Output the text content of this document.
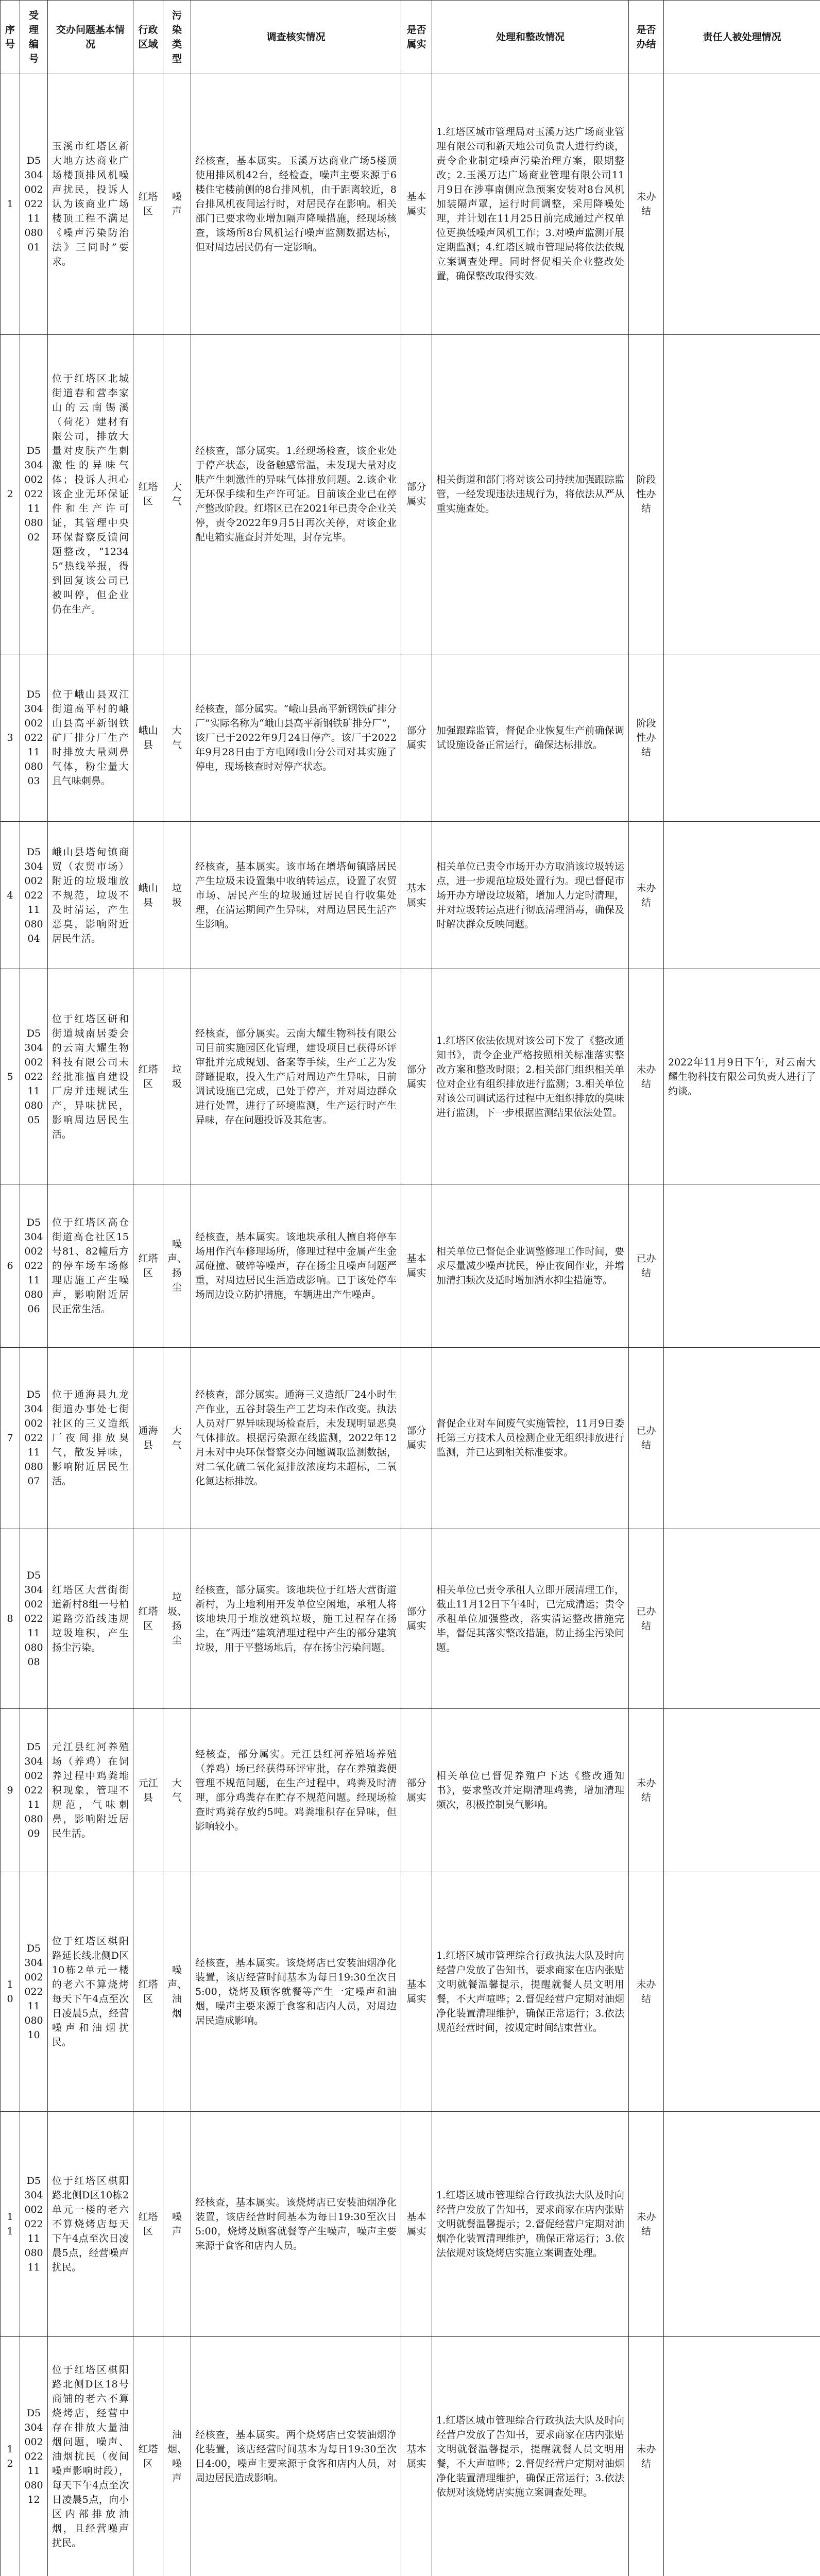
序号	受理编号	交办问题基本情况	行政区域	污染类型	调查核实情况	是否属实	处理和整改情况	是否办结	责任人被处理情况
1	D530400202211 08001	玉溪市红塔区新大地方达商业广场楼顶排风机噪声扰民，投诉人认为该商业广场楼顶工程不满足《噪声污染防治法》三同时”要求。	红塔区	噪声	经核查，基本属实。玉溪万达商业广场5楼顶使用排风机42台，经检查，噪声主要来源于6楼住宅楼前侧的8台排风机，由于距离较近，8台排风机夜间运行时，对居民存在影响。相关部门已要求物业增加隔声降噪措施，经现场核查，该场所8台风机运行噪声监测数据达标，但对周边居民仍有一定影响。	基本属实	1.红塔区城市管理局对玉溪万达广场商业管理有限公司和新天地公司负责人进行约谈，责令企业制定噪声污染治理方案，限期整改；2.玉溪万达广场商业管理有限公司11月9日在涉事南侧应急预案安装对8台风机加装隔声罩，运行时间调整，采用降噪处理，并计划在11月25日前完成通过产权单位更换低噪声风机工作；3.对噪声监测开展定期监测；4.红塔区城市管理局将依法依规立案调查处理。同时督促相关企业整改处置，确保整改取得实效。	未办结	
2	D530400202211 08002	位于红塔区北城街道春和营李家山的云南锡溪（荷花）建材有限公司，排放大量对皮肤产生刺激性的异味气体；投诉人担心该企业无环保证件和生产许可证，其管理中央环保督察反馈问题整改，“12345”热线举报，得到回复该公司已被叫停，但企业仍在生产。	红塔区	大气	经核查，部分属实。1.经现场检查，该企业处于停产状态，设备触感常温，未发现大量对皮肤产生刺激性的异味气体排放问题。2.该企业无环保手续和生产许可证。目前该企业已在停产整改阶段。红塔区已在2021年已责令企业关停，责令2022年9月5日再次关停，对该企业配电箱实施查封并处理，封存完毕。	部分属实	相关街道和部门将对该公司持续加强跟踪监管，一经发现违法违规行为，将依法从严从重实施查处。	阶段性办结	
3	D530400202211 08003	位于峨山县双江街道高平村的峨山县高平新钢铁矿厂排分厂生产时排放大量刺鼻气体，粉尘量大且气味刺鼻。	峨山县	大气	经核查，部分属实。“峨山县高平新钢铁矿排分厂”实际名称为“峨山县高平新钢铁矿排分厂”，该厂已于2022年9月24日停产。该厂于2022年9月28日由于方电网峨山分公司对其实施了停电，现场核查时对停产状态。	部分属实	加强跟踪监管，督促企业恢复生产前确保调试设施设备正常运行，确保达标排放。	阶段性办结	
4	D530400202211 08004	峨山县塔甸镇商贸（农贸市场）附近的垃圾堆放不规范，垃圾不及时清运，产生恶臭，影响附近居民生活。	峨山县	垃圾	经核查，基本属实。该市场在增塔甸镇路居民产生垃圾未设置集中收纳转运点，设置了农贸市场、居民产生的垃圾通过居民自行收集处理，在清运期间产生异味，对周边居民生活产生影响。	基本属实	相关单位已责令市场开办方取消该垃圾转运点，进一步规范垃圾处置行为。现已督促市场开办方增设垃圾箱，增加人力定时清理，并对垃圾转运点进行彻底清理消毒，确保及时解决群众反映问题。	未办结	
5	D530400202211 08005	位于红塔区研和街道城南居委会的云南大耀生物科技有限公司未经批准擅自建设厂房并违规试生产，异味扰民，影响周边居民生活。	红塔区	垃圾	经核查，部分属实。云南大耀生物科技有限公司目前实施园区化管理，建设项目已获得环评审批并完成规划、备案等手续，生产工艺为发酵罐提取，投入生产后对周边产生异味，目前调试设施已完成，已处于停产，并对周边群众进行处置，进行了环境监测，生产运行时产生异味，存在问题投诉及其危害。	部分属实	1.红塔区依法依规对该公司下发了《整改通知书》，责令企业严格按照相关标准落实整改方案和整改时限；2.相关部门组织相关单位对企业有组织排放进行监测；3.相关单位对该公司调试运行过程中无组织排放的臭味进行监测，下一步根据监测结果依法处置。	未办结	2022年11月9日下午，对云南大耀生物科技有限公司负责人进行了约谈。
6	D530400202211 08006	位于红塔区高仓街道高仓社区15号81、82幢后方的停车场车场修理店施工产生噪声，影响附近居民正常生活。	红塔区	噪声、扬尘	经核查，基本属实。该地块承租人擅自将停车场用作汽车修理场所，修理过程中金属产生金属碰撞、破碎等噪声，存在扬尘且噪声问题严重，对周边居民生活造成影响。已于该处停车场周边设立防护措施，车辆进出产生噪声。	基本属实	相关单位已督促企业调整修理工作时间，要求尽量减少噪声扰民，停止夜间作业，并增加清扫频次及适时增加洒水抑尘措施等。	已办结	
7	D530400202211 08007	位于通海县九龙街道办事处七街社区的三义造纸厂夜间排放臭气，散发异味，影响附近居民生活。	通海县	大气	经核查，部分属实。通海三义造纸厂24小时生产作业，五谷封袋生产工艺均未作改变。执法人员对厂界异味现场检查后，未发现明显恶臭气体排放。根据污染源在线监测，2022年12月未对中央环保督察交办问题调取监测数据，对二氧化硫二氧化氮排放浓度均未超标，二氧化氮达标排放。	部分属实	督促企业对车间废气实施管控，11月9日委托第三方技术人员检测企业无组织排放进行监测，并已达到相关标准要求。	已办结	
8	D530400202211 08008	红塔区大营街街道新村8组一号柏道路旁沿线违规垃圾堆积，产生扬尘污染。	红塔区	垃圾、扬尘	经核查，部分属实。该地块位于红塔大营街道新村，为土地利用开发单位空闲地，承租人将该地块用于堆放建筑垃圾，施工过程存在扬尘，在“两违”建筑清理过程中产生的部分建筑垃圾，用于平整场地后，存在扬尘污染问题。	部分属实	相关单位已责令承租人立即开展清理工作，截止11月12日下午4时，已完成清运；责令承租单位加强整改，落实清运整改措施完毕，督促其落实整改措施，防止扬尘污染问题。	已办结	
9	D530400202211 08009	元江县红河养殖场（养鸡）在饲养过程中鸡粪堆积现象，管理不规范，气味刺鼻，影响附近居民生活。	元江县	大气	经核查，部分属实。元江县红河养殖场养殖（养鸡）场已经获得环评审批，存在养殖粪便管理不规范问题，在生产过程中，鸡粪及时清理，部分鸡粪存在贮存不规范问题。经现场检查时鸡粪存放约5吨。鸡粪堆积存在异味，但影响较小。	部分属实	相关单位已督促养殖户下达《整改通知书》，要求整改并定期清理鸡粪，增加清理频次，积极控制臭气影响。	未办结	
10	D530400202211 08010	位于红塔区棋阳路延长线北侧D区10栋2单元一楼的老六不算烧烤每天下午4点至次日凌晨5点，经营噪声和油烟扰民。	红塔区	噪声、油烟	经核查，基本属实。该烧烤店已安装油烟净化装置，该店经营时间基本为每日19:30至次日5:00，烧烤及顾客就餐等产生一定噪声和油烟，噪声主要来源于食客和店内人员，对周边居民造成影响。	基本属实	1.红塔区城市管理综合行政执法大队及时向经营户发放了告知书，要求商家在店内张贴文明就餐温馨提示，提醒就餐人员文明用餐，不大声喧哗；2.督促经营户定期对油烟净化装置清理维护，确保正常运行；3.依法规范经营时间，按规定时间结束营业。	未办结	
11	D530400202211 08011	位于红塔区棋阳路北侧D区10栋2单元一楼的老六不算烧烤店每天下午4点至次日凌晨5点，经营噪声扰民。	红塔区	噪声	经核查，基本属实。该烧烤店已安装油烟净化装置，该店经营时间基本为每日19:30至次日5:00，烧烤及顾客就餐等产生噪声，噪声主要来源于食客和店内人员。	基本属实	1.红塔区城市管理综合行政执法大队及时向经营户发放了告知书，要求商家在店内张贴文明就餐温馨提示；2.督促经营户定期对油烟净化装置清理维护，确保正常运行；3.依法依规对该烧烤店实施立案调查处理。	未办结	
12	D530400202211 08012	位于红塔区棋阳路北侧D区18号商铺的老六不算烧烤店，经营中存在排放大量油烟问题，噪声、油烟扰民（夜间噪声影响时段），每天下午4点至次日凌晨5点，向小区内部排放油烟，且经营噪声扰民。	红塔区	油烟、噪声	经核查，基本属实。两个烧烤店已安装油烟净化装置，该店经营时间基本为每日19:30至次日4:00，噪声主要来源于食客和店内人员，对周边居民造成影响。	基本属实	1.红塔区城市管理综合行政执法大队及时向经营户发放了告知书，要求商家在店内张贴文明就餐温馨提示，提醒就餐人员文明用餐，不大声喧哗；2.督促经营户定期对油烟净化装置清理维护，确保正常运行；3.依法依规对该烧烤店实施立案调查处理。	未办结	
